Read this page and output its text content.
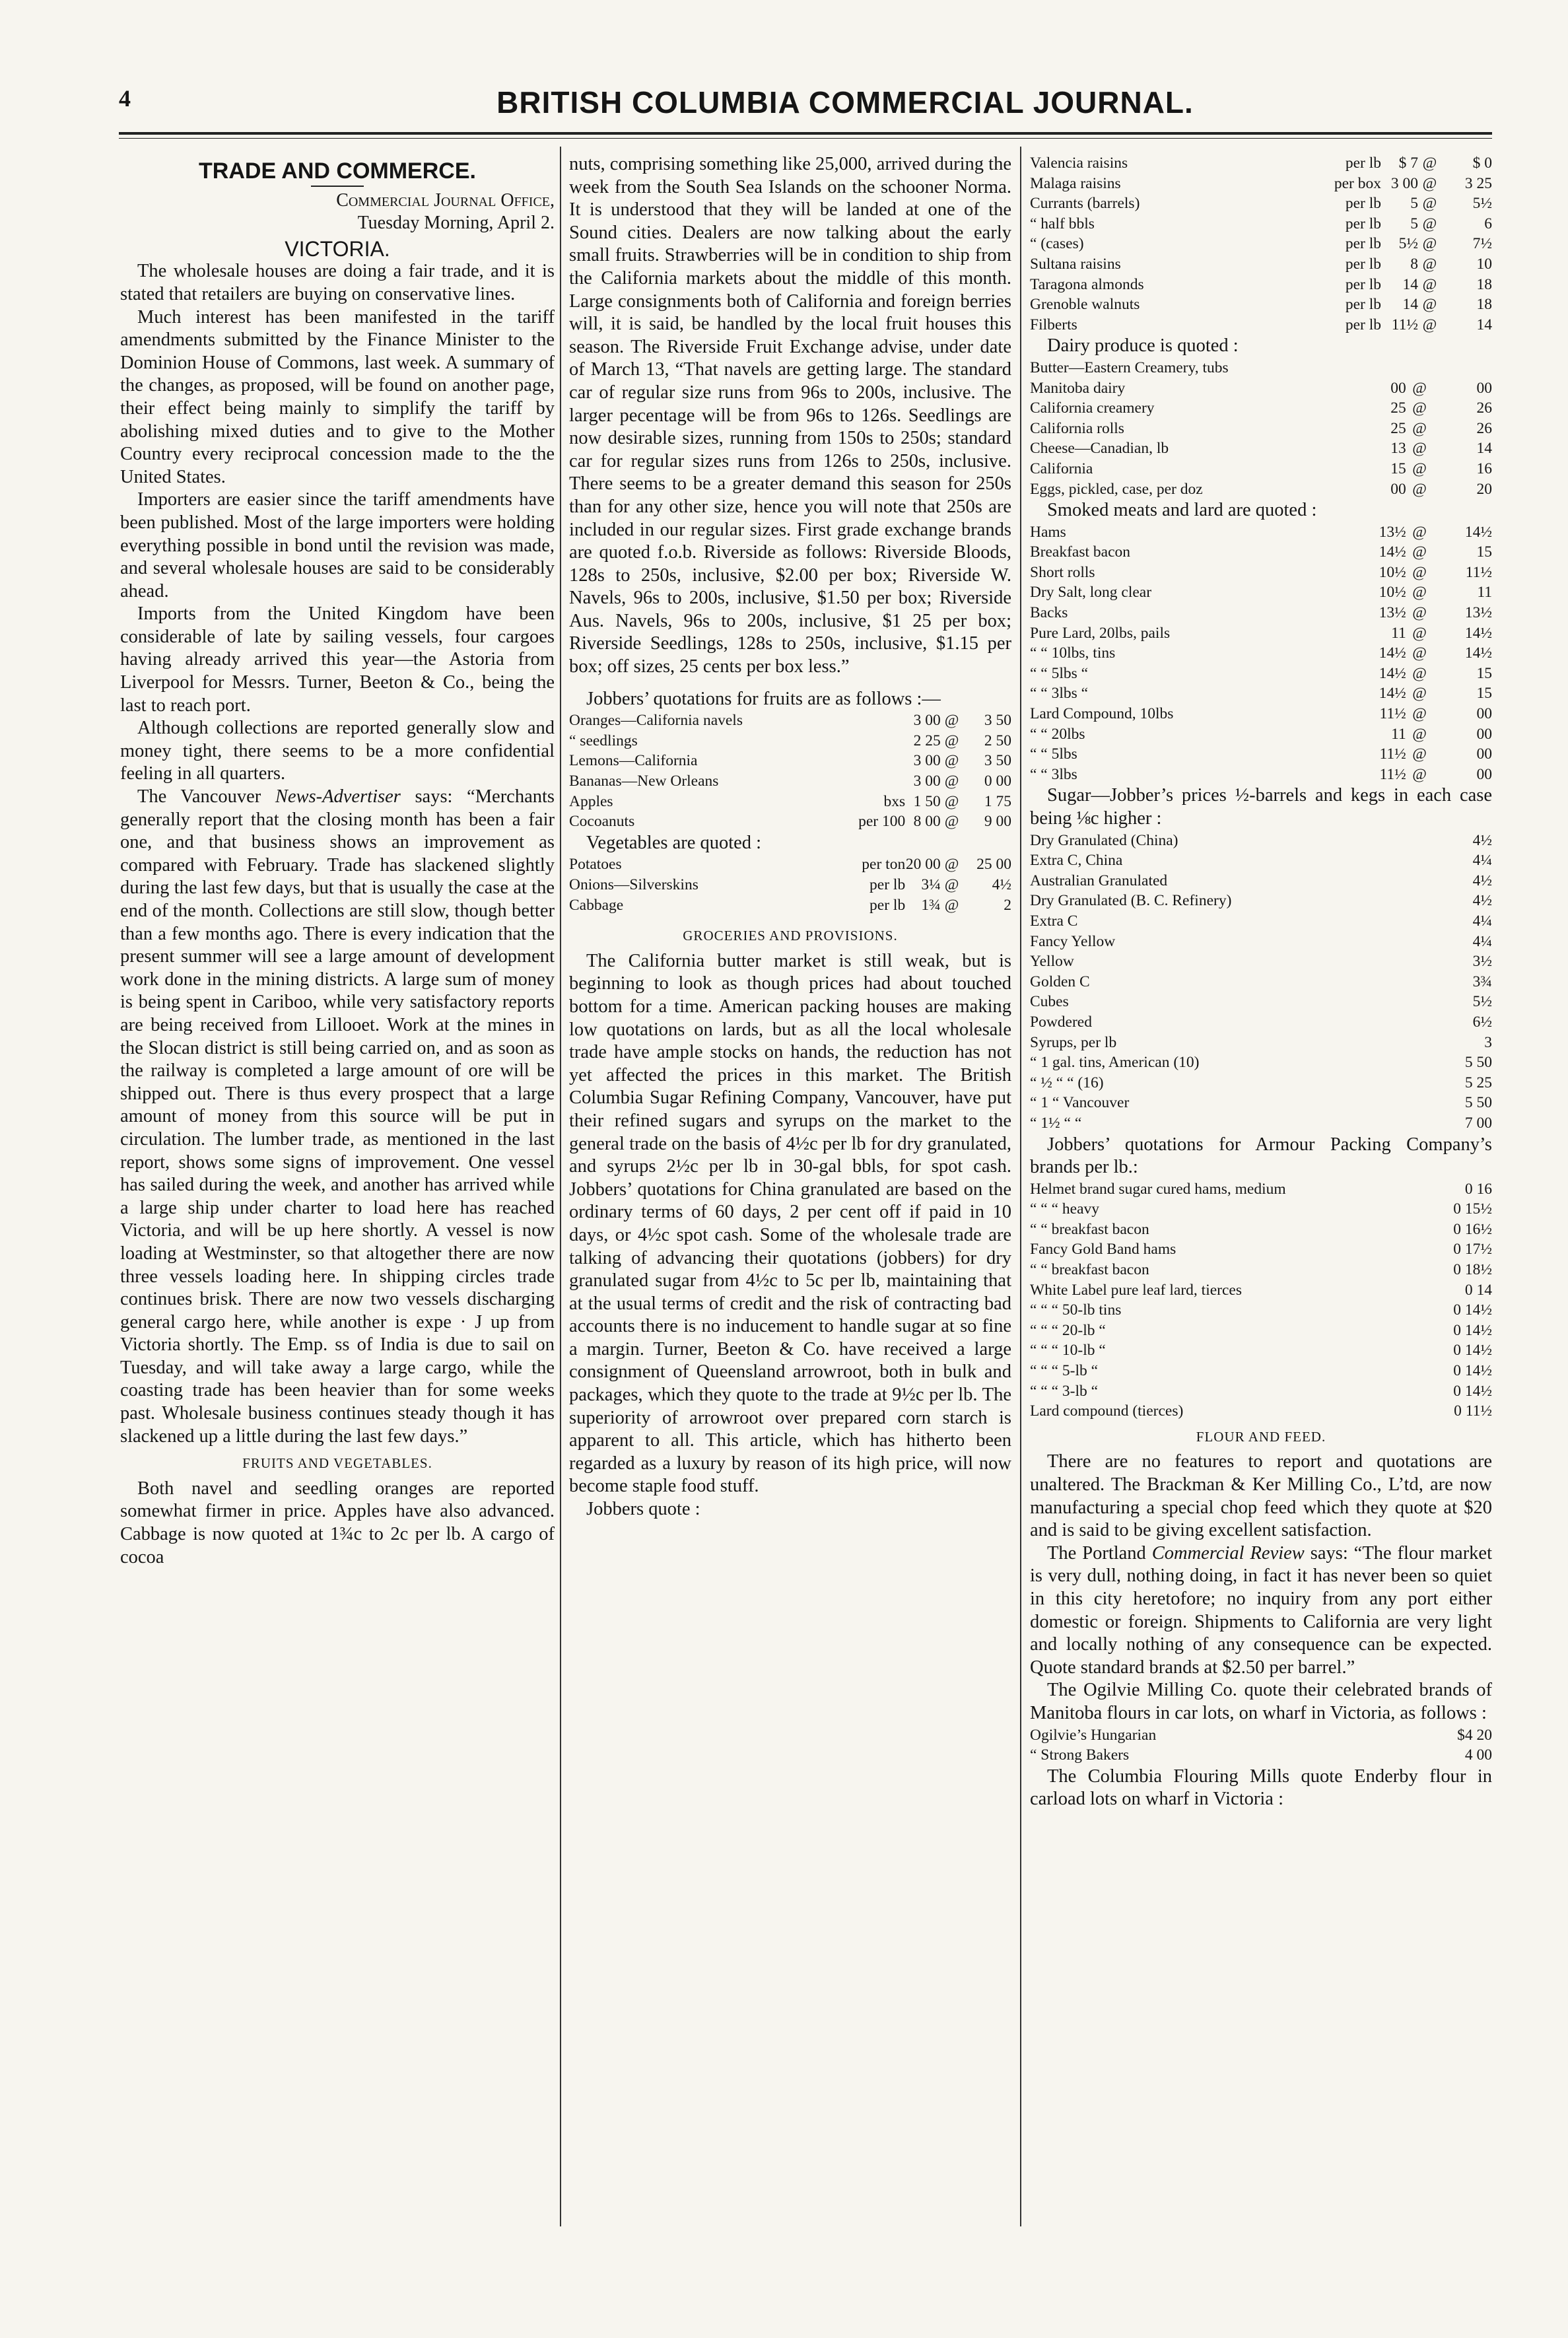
4	BRITISH COLUMBIA COMMERCIAL JOURNAL.
TRADE AND COMMERCE.
Commercial Journal Office,
Tuesday Morning, April 2.
VICTORIA.

The wholesale houses are doing a fair trade, and it is stated that retailers are buying on conservative lines.

Much interest has been manifested in the tariff amendments submitted by the Finance Minister to the Dominion House of Commons, last week. A summary of the changes, as proposed, will be found on another page, their effect being mainly to simplify the tariff by abolishing mixed duties and to give to the Mother Country every reciprocal concession made to the the United States.

Importers are easier since the tariff amendments have been published. Most of the large importers were holding everything possible in bond until the revision was made, and several wholesale houses are said to be considerably ahead.

Imports from the United Kingdom have been considerable of late by sailing vessels, four cargoes having already arrived this year—the Astoria from Liverpool for Messrs. Turner, Beeton & Co., being the last to reach port.

Although collections are reported generally slow and money tight, there seems to be a more confidential feeling in all quarters.

The Vancouver News-Advertiser says: “Merchants generally report that the closing month has been a fair one, and that business shows an improvement as compared with February. Trade has slackened slightly during the last few days, but that is usually the case at the end of the month. Collections are still slow, though better than a few months ago. There is every indication that the present summer will see a large amount of development work done in the mining districts. A large sum of money is being spent in Cariboo, while very satisfactory reports are being received from Lillooet. Work at the mines in the Slocan district is still being carried on, and as soon as the railway is completed a large amount of ore will be shipped out. There is thus every prospect that a large amount of money from this source will be put in circulation. The lumber trade, as mentioned in the last report, shows some signs of improvement. One vessel has sailed during the week, and another has arrived while a large ship under charter to load here has reached Victoria, and will be up here shortly. A vessel is now loading at Westminster, so that altogether there are now three vessels loading here. In shipping circles trade continues brisk. There are now two vessels discharging general cargo here, while another is expe · J up from Victoria shortly. The Emp. ss of India is due to sail on Tuesday, and will take away a large cargo, while the coasting trade has been heavier than for some weeks past. Wholesale business continues steady though it has slackened up a little during the last few days.”

FRUITS AND VEGETABLES.

Both navel and seedling oranges are reported somewhat firmer in price. Apples have also advanced. Cabbage is now quoted at 1¾c to 2c per lb. A cargo of cocoa

nuts, comprising something like 25,000, arrived during the week from the South Sea Islands on the schooner Norma. It is understood that they will be landed at one of the Sound cities. Dealers are now talking about the early small fruits. Strawberries will be in condition to ship from the California markets about the middle of this month. Large consignments both of California and foreign berries will, it is said, be handled by the local fruit houses this season. The Riverside Fruit Exchange advise, under date of March 13, “That navels are getting large. The standard car of regular size runs from 96s to 200s, inclusive. The larger pecentage will be from 96s to 126s. Seedlings are now desirable sizes, running from 150s to 250s; standard car for regular sizes runs from 126s to 250s, inclusive. There seems to be a greater demand this season for 250s than for any other size, hence you will note that 250s are included in our regular sizes. First grade exchange brands are quoted f.o.b. Riverside as follows: Riverside Bloods, 128s to 250s, inclusive, $2.00 per box; Riverside W. Navels, 96s to 200s, inclusive, $1.50 per box; Riverside Aus. Navels, 96s to 200s, inclusive, $1 25 per box; Riverside Seedlings, 128s to 250s, inclusive, $1.15 per box; off sizes, 25 cents per box less.”

Jobbers’ quotations for fruits are as follows :—

Oranges—California navels		3 00	@	3 50
“ seedlings		2 25	@	2 50
Lemons—California		3 00	@	3 50
Bananas—New Orleans		3 00	@	0 00
Apples	bxs	1 50	@	1 75
Cocoanuts	per 100	8 00	@	9 00

Vegetables are quoted :

Potatoes	per ton	20 00	@	25 00
Onions—Silverskins	per lb	3¼	@	4½
Cabbage	per lb	1¾	@	2
GROCERIES AND PROVISIONS.

The California butter market is still weak, but is beginning to look as though prices had about touched bottom for a time. American packing houses are making low quotations on lards, but as all the local wholesale trade have ample stocks on hands, the reduction has not yet affected the prices in this market. The British Columbia Sugar Refining Company, Vancouver, have put their refined sugars and syrups on the market to the general trade on the basis of 4½c per lb for dry granulated, and syrups 2½c per lb in 30-gal bbls, for spot cash. Jobbers’ quotations for China granulated are based on the ordinary terms of 60 days, 2 per cent off if paid in 10 days, or 4½c spot cash. Some of the wholesale trade are talking of advancing their quotations (jobbers) for dry granulated sugar from 4½c to 5c per lb, maintaining that at the usual terms of credit and the risk of contracting bad accounts there is no inducement to handle sugar at so fine a margin. Turner, Beeton & Co. have received a large consignment of Queensland arrowroot, both in bulk and packages, which they quote to the trade at 9½c per lb. The superiority of arrowroot over prepared corn starch is apparent to all. This article, which has hitherto been regarded as a luxury by reason of its high price, will now become staple food stuff.

Jobbers quote :

Valencia raisins	per lb	$ 7	@	$ 0
Malaga raisins	per box	3 00	@	3 25
Currants (barrels)	per lb	5	@	5½
“ half bbls	per lb	5	@	6
“ (cases)	per lb	5½	@	7½
Sultana raisins	per lb	8	@	10
Taragona almonds	per lb	14	@	18
Grenoble walnuts	per lb	14	@	18
Filberts	per lb	11½	@	14

Dairy produce is quoted :

Butter—Eastern Creamery, tubs			
Manitoba dairy	00	@	00
California creamery	25	@	26
California rolls	25	@	26
Cheese—Canadian, lb	13	@	14
California	15	@	16
Eggs, pickled, case, per doz	00	@	20

Smoked meats and lard are quoted :

Hams	13½	@	14½
Breakfast bacon	14½	@	15
Short rolls	10½	@	11½
Dry Salt, long clear	10½	@	11
Backs	13½	@	13½
Pure Lard, 20lbs, pails	11	@	14½
“ “ 10lbs, tins	14½	@	14½
“ “ 5lbs “	14½	@	15
“ “ 3lbs “	14½	@	15
Lard Compound, 10lbs	11½	@	00
“ “ 20lbs	11	@	00
“ “ 5lbs	11½	@	00
“ “ 3lbs	11½	@	00

Sugar—Jobber’s prices ½-barrels and kegs in each case being ⅛c higher :

Dry Granulated (China)	4½
Extra C, China	4¼
Australian Granulated	4½
Dry Granulated (B. C. Refinery)	4½
Extra C	4¼
Fancy Yellow	4¼
Yellow	3½
Golden C	3¾
Cubes	5½
Powdered	6½
Syrups, per lb	3
“ 1 gal. tins, American (10)	5 50
“ ½ “ “ (16)	5 25
“ 1 “ Vancouver	5 50
“ 1½ “ “	7 00

Jobbers’ quotations for Armour Packing Company’s brands per lb.:

Helmet brand sugar cured hams, medium	0 16
“ “ “ heavy	0 15½
“ “ breakfast bacon	0 16½
Fancy Gold Band hams	0 17½
“ “ breakfast bacon	0 18½
White Label pure leaf lard, tierces	0 14
“ “ “ 50-lb tins	0 14½
“ “ “ 20-lb “	0 14½
“ “ “ 10-lb “	0 14½
“ “ “ 5-lb “	0 14½
“ “ “ 3-lb “	0 14½
Lard compound (tierces)	0 11½
FLOUR AND FEED.

There are no features to report and quotations are unaltered. The Brackman & Ker Milling Co., L’td, are now manufacturing a special chop feed which they quote at $20 and is said to be giving excellent satisfaction.

The Portland Commercial Review says: “The flour market is very dull, nothing doing, in fact it has never been so quiet in this city heretofore; no inquiry from any port either domestic or foreign. Shipments to California are very light and locally nothing of any consequence can be expected. Quote standard brands at $2.50 per barrel.”

The Ogilvie Milling Co. quote their celebrated brands of Manitoba flours in car lots, on wharf in Victoria, as follows :

Ogilvie’s Hungarian	$4 20
“ Strong Bakers	4 00

The Columbia Flouring Mills quote Enderby flour in carload lots on wharf in Victoria :
